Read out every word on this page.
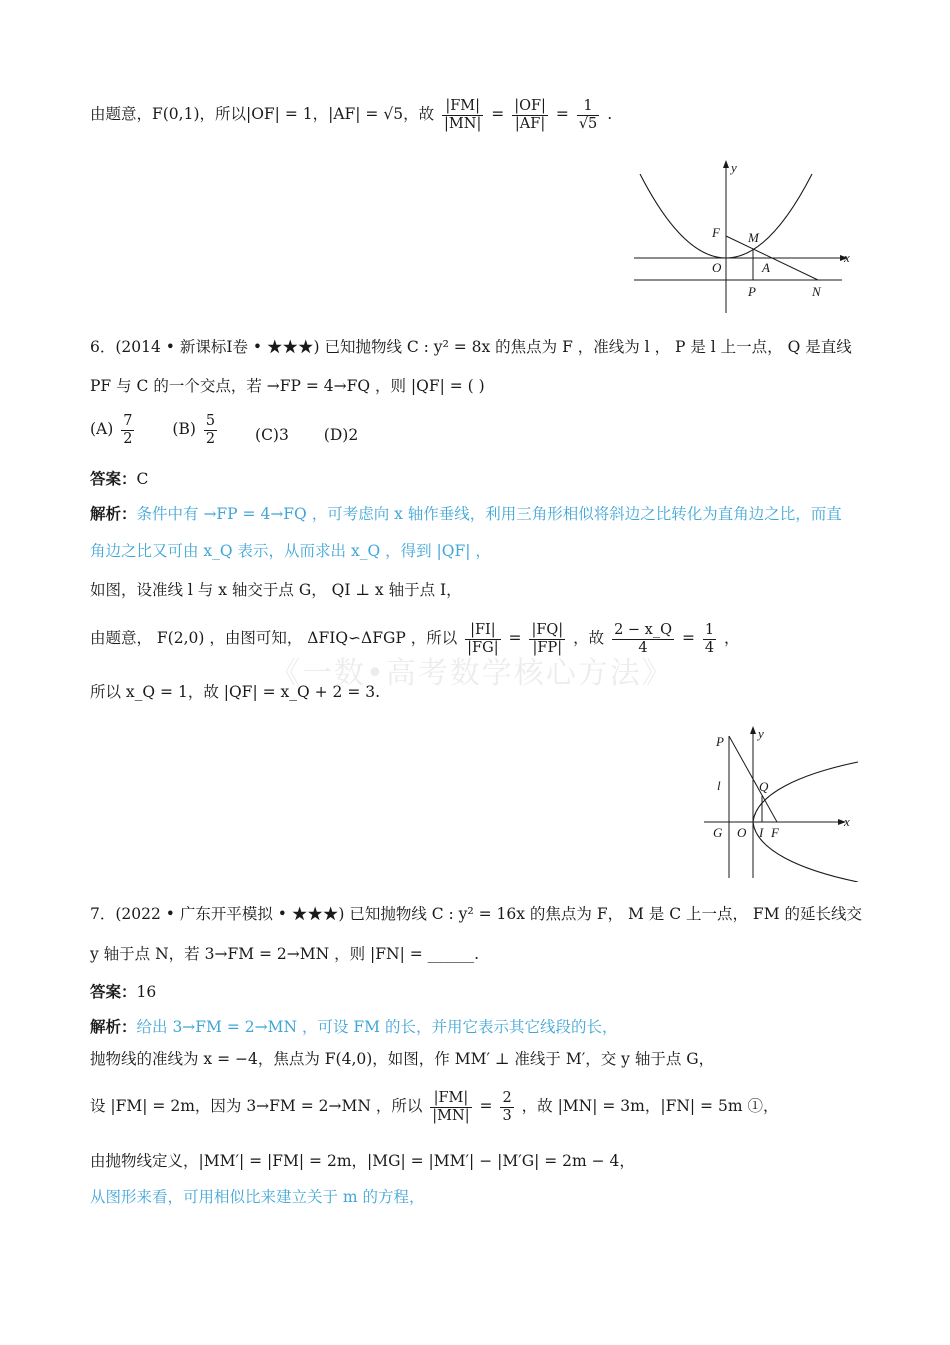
由题意，F(0,1)，所以|OF| = 1，|AF| = √5，故 $\frac{|FM|}{|MN|} = \frac{|OF|}{|AF|} = \frac{1}{√5}$ .
y
x
F M
O	A
P	N
6．(2014 • 新课标Ⅰ卷 • ★★★) 已知抛物线 C : y² = 8x 的焦点为 F ，准线为 l ， P 是 l 上一点， Q 是直线
PF 与 C 的一个交点，若 →FP = 4→FQ ，则 |QF| = ( )
$(A) \frac{7}{2} (B) \frac{5}{2} (C)3$ (D)2
答案：C
解析：条件中有 →FP = 4→FQ ，可考虑向 x 轴作垂线，利用三角形相似将斜边之比转化为直角边之比，而直
角边之比又可由 x_Q 表示，从而求出 x_Q ，得到 |QF| ，
如图，设准线 l 与 x 轴交于点 G， QI ⊥ x 轴于点 I，
由题意， F(2,0) ，由图可知， ΔFIQ∽ΔFGP ，所以 $\frac{|FI|}{|FG|} = \frac{|FQ|}{|FP|}$ ，故 $\frac{2 - x\_Q}{4} = \frac{1}{4}$ ，
所以 x_Q = 1，故 |QF| = x_Q + 2 = 3.
《一数•高考数学核心方法》
P
y
l	Q
x
G O I F
7．(2022 • 广东开平模拟 • ★★★) 已知抛物线 C : y² = 16x 的焦点为 F， M 是 C 上一点， FM 的延长线交
y 轴于点 N，若 3→FM = 2→MN ，则 |FN| = ______.
答案：16
解析：给出 3→FM = 2→MN ，可设 FM 的长，并用它表示其它线段的长，
抛物线的准线为 x = −4，焦点为 F(4,0)，如图，作 MM′ ⊥ 准线于 M′，交 y 轴于点 G，
设 |FM| = 2m，因为 3→FM = 2→MN ，所以 $\frac{|FM|}{|MN|} = \frac{2}{3}$ ，故 |MN| = 3m，|FN| = 5m ①，
由抛物线定义，|MM′| = |FM| = 2m，|MG| = |MM′| − |M′G| = 2m − 4，
从图形来看，可用相似比来建立关于 m 的方程，
